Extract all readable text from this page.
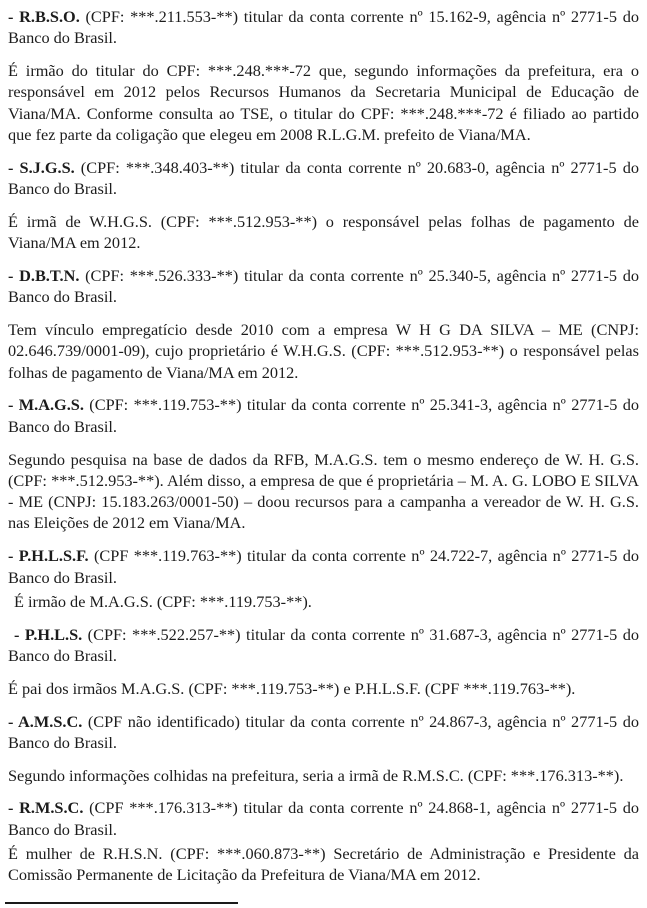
- R.B.S.O. (CPF: ***.211.553-**) titular da conta corrente nº 15.162-9, agência nº 2771-5 do Banco do Brasil.

É irmão do titular do CPF: ***.248.***-72 que, segundo informações da prefeitura, era o responsável em 2012 pelos Recursos Humanos da Secretaria Municipal de Educação de Viana/MA. Conforme consulta ao TSE, o titular do CPF: ***.248.***-72 é filiado ao partido que fez parte da coligação que elegeu em 2008 R.L.G.M. prefeito de Viana/MA.

- S.J.G.S. (CPF: ***.348.403-**) titular da conta corrente nº 20.683-0, agência nº 2771-5 do Banco do Brasil.

É irmã de W.H.G.S. (CPF: ***.512.953-**) o responsável pelas folhas de pagamento de Viana/MA em 2012.

- D.B.T.N. (CPF: ***.526.333-**) titular da conta corrente nº 25.340-5, agência nº 2771-5 do Banco do Brasil.

Tem vínculo empregatício desde 2010 com a empresa W H G DA SILVA – ME (CNPJ: 02.646.739/0001-09), cujo proprietário é W.H.G.S. (CPF: ***.512.953-**) o responsável pelas folhas de pagamento de Viana/MA em 2012.

- M.A.G.S. (CPF: ***.119.753-**) titular da conta corrente nº 25.341-3, agência nº 2771-5 do Banco do Brasil.

Segundo pesquisa na base de dados da RFB, M.A.G.S. tem o mesmo endereço de W. H. G.S. (CPF: ***.512.953-**). Além disso, a empresa de que é proprietária – M. A. G. LOBO E SILVA - ME (CNPJ: 15.183.263/0001-50) – doou recursos para a campanha a vereador de W. H. G.S. nas Eleições de 2012 em Viana/MA.

- P.H.L.S.F. (CPF ***.119.763-**) titular da conta corrente nº 24.722-7, agência nº 2771-5 do Banco do Brasil.

É irmão de M.A.G.S. (CPF: ***.119.753-**).

- P.H.L.S. (CPF: ***.522.257-**) titular da conta corrente nº 31.687-3, agência nº 2771-5 do Banco do Brasil.

É pai dos irmãos M.A.G.S. (CPF: ***.119.753-**) e P.H.L.S.F. (CPF ***.119.763-**).

- A.M.S.C. (CPF não identificado) titular da conta corrente nº 24.867-3, agência nº 2771-5 do Banco do Brasil.

Segundo informações colhidas na prefeitura, seria a irmã de R.M.S.C. (CPF: ***.176.313-**).

- R.M.S.C. (CPF ***.176.313-**) titular da conta corrente nº 24.868-1, agência nº 2771-5 do Banco do Brasil.

É mulher de R.H.S.N. (CPF: ***.060.873-**) Secretário de Administração e Presidente da Comissão Permanente de Licitação da Prefeitura de Viana/MA em 2012.
